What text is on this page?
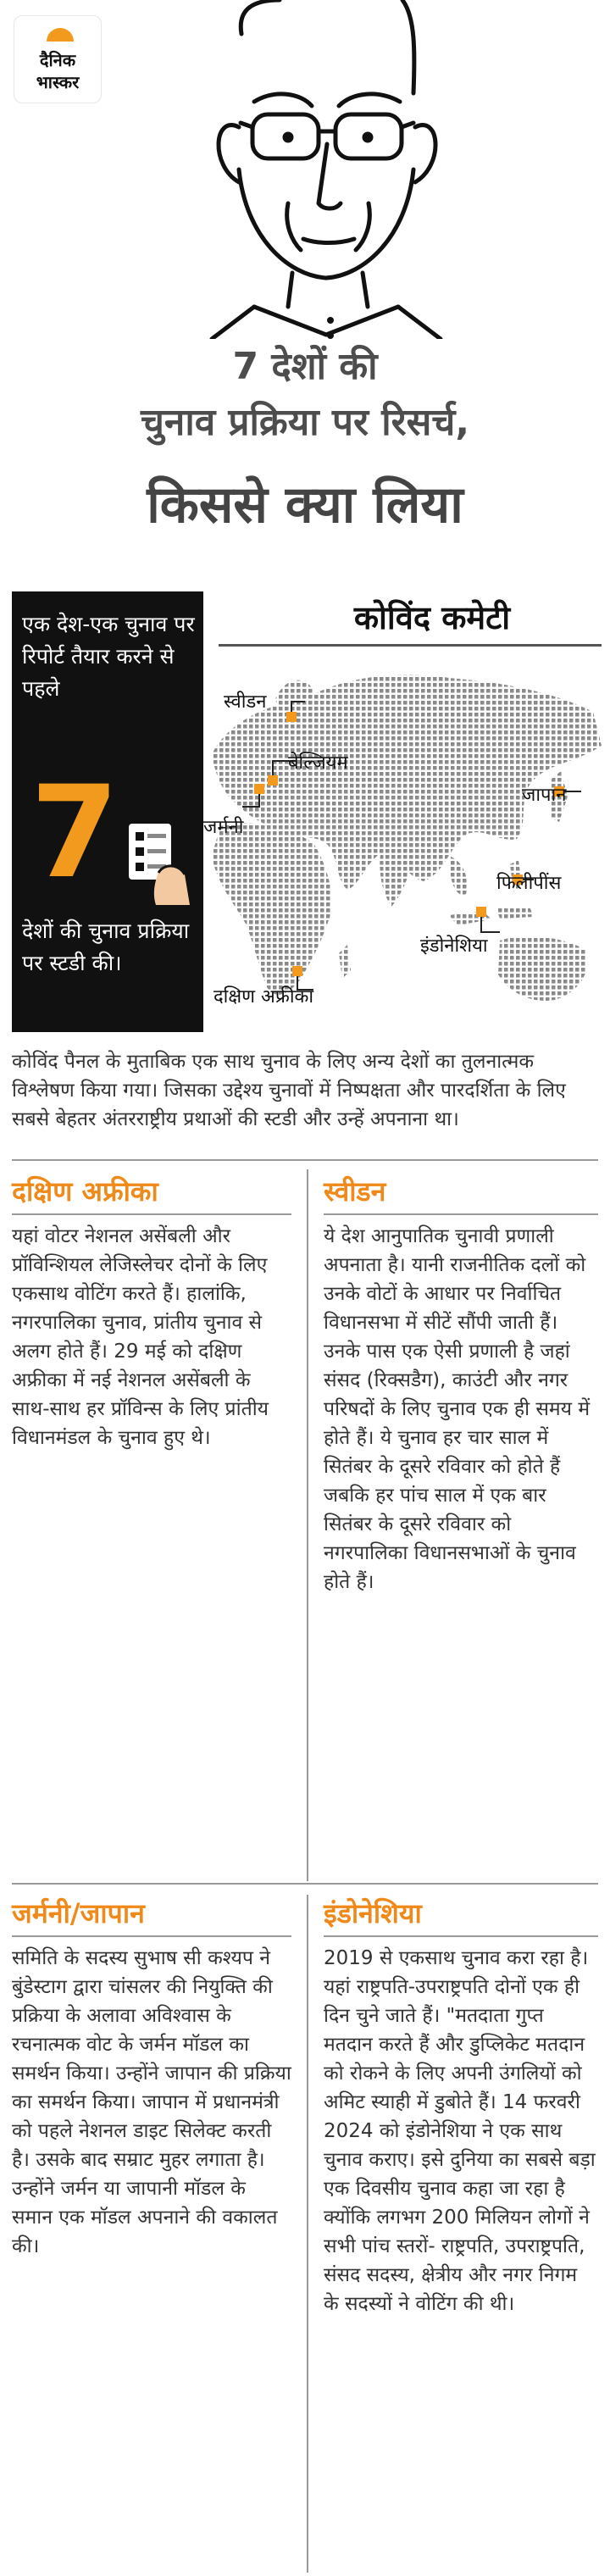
दैनिक
भास्कर
7 देशों की
चुनाव प्रक्रिया पर रिसर्च,
किससे क्या लिया
एक देश-एक चुनाव पर रिपोर्ट तैयार करने से पहले
7
देशों की चुनाव प्रक्रिया पर स्टडी की।
कोविंद कमेटी
स्वीडन
बेल्जियम
जर्मनी
जापान
फिलीपींस
इंडोनेशिया
दक्षिण अफ्रीका
कोविंद पैनल के मुताबिक एक साथ चुनाव के लिए अन्य देशों का तुलनात्मक विश्लेषण किया गया। जिसका उद्देश्य चुनावों में निष्पक्षता और पारदर्शिता के लिए सबसे बेहतर अंतरराष्ट्रीय प्रथाओं की स्टडी और उन्हें अपनाना था।
दक्षिण अफ्रीका
यहां वोटर नेशनल असेंबली और प्रॉविन्शियल लेजिस्लेचर दोनों के लिए एकसाथ वोटिंग करते हैं। हालांकि, नगरपालिका चुनाव, प्रांतीय चुनाव से अलग होते हैं। 29 मई को दक्षिण अफ्रीका में नई नेशनल असेंबली के साथ-साथ हर प्रॉविन्स के लिए प्रांतीय विधानमंडल के चुनाव हुए थे।
स्वीडन
ये देश आनुपातिक चुनावी प्रणाली अपनाता है। यानी राजनीतिक दलों को उनके वोटों के आधार पर निर्वाचित विधानसभा में सीटें सौंपी जाती हैं। उनके पास एक ऐसी प्रणाली है जहां संसद (रिक्सडैग), काउंटी और नगर परिषदों के लिए चुनाव एक ही समय में होते हैं। ये चुनाव हर चार साल में सितंबर के दूसरे रविवार को होते हैं जबकि हर पांच साल में एक बार सितंबर के दूसरे रविवार को नगरपालिका विधानसभाओं के चुनाव होते हैं।
जर्मनी/जापान
समिति के सदस्य सुभाष सी कश्यप ने बुंडेस्टाग द्वारा चांसलर की नियुक्ति की प्रक्रिया के अलावा अविश्वास के रचनात्मक वोट के जर्मन मॉडल का समर्थन किया। उन्होंने जापान की प्रक्रिया का समर्थन किया। जापान में प्रधानमंत्री को पहले नेशनल डाइट सिलेक्ट करती है। उसके बाद सम्राट मुहर लगाता है। उन्होंने जर्मन या जापानी मॉडल के समान एक मॉडल अपनाने की वकालत की।
इंडोनेशिया
2019 से एकसाथ चुनाव करा रहा है। यहां राष्ट्रपति-उपराष्ट्रपति दोनों एक ही दिन चुने जाते हैं। "मतदाता गुप्त मतदान करते हैं और डुप्लिकेट मतदान को रोकने के लिए अपनी उंगलियों को अमिट स्याही में डुबोते हैं। 14 फरवरी 2024 को इंडोनेशिया ने एक साथ चुनाव कराए। इसे दुनिया का सबसे बड़ा एक दिवसीय चुनाव कहा जा रहा है क्योंकि लगभग 200 मिलियन लोगों ने सभी पांच स्तरों- राष्ट्रपति, उपराष्ट्रपति, संसद सदस्य, क्षेत्रीय और नगर निगम के सदस्यों ने वोटिंग की थी।
